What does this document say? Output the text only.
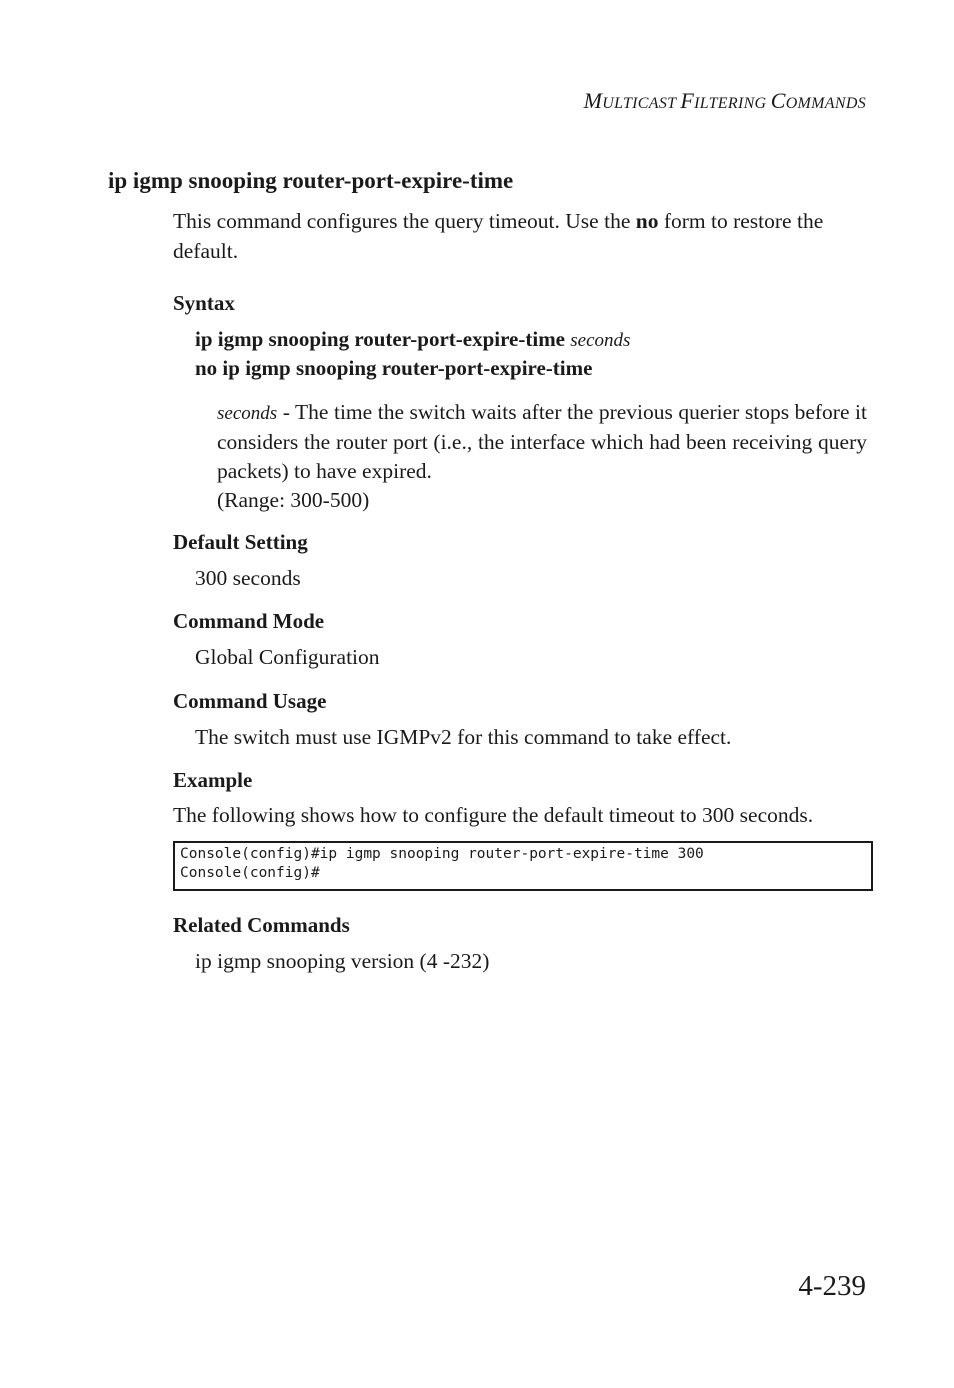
MULTICAST FILTERING COMMANDS
ip igmp snooping router-port-expire-time
This command configures the query timeout. Use the no form to restore the default.
Syntax
ip igmp snooping router-port-expire-time seconds
no ip igmp snooping router-port-expire-time
seconds - The time the switch waits after the previous querier stops before it considers the router port (i.e., the interface which had been receiving query packets) to have expired.
(Range: 300-500)
Default Setting
300 seconds
Command Mode
Global Configuration
Command Usage
The switch must use IGMPv2 for this command to take effect.
Example
The following shows how to configure the default timeout to 300 seconds.
Console(config)#ip igmp snooping router-port-expire-time 300
Console(config)#
Related Commands
ip igmp snooping version (4 -232)
4-239
